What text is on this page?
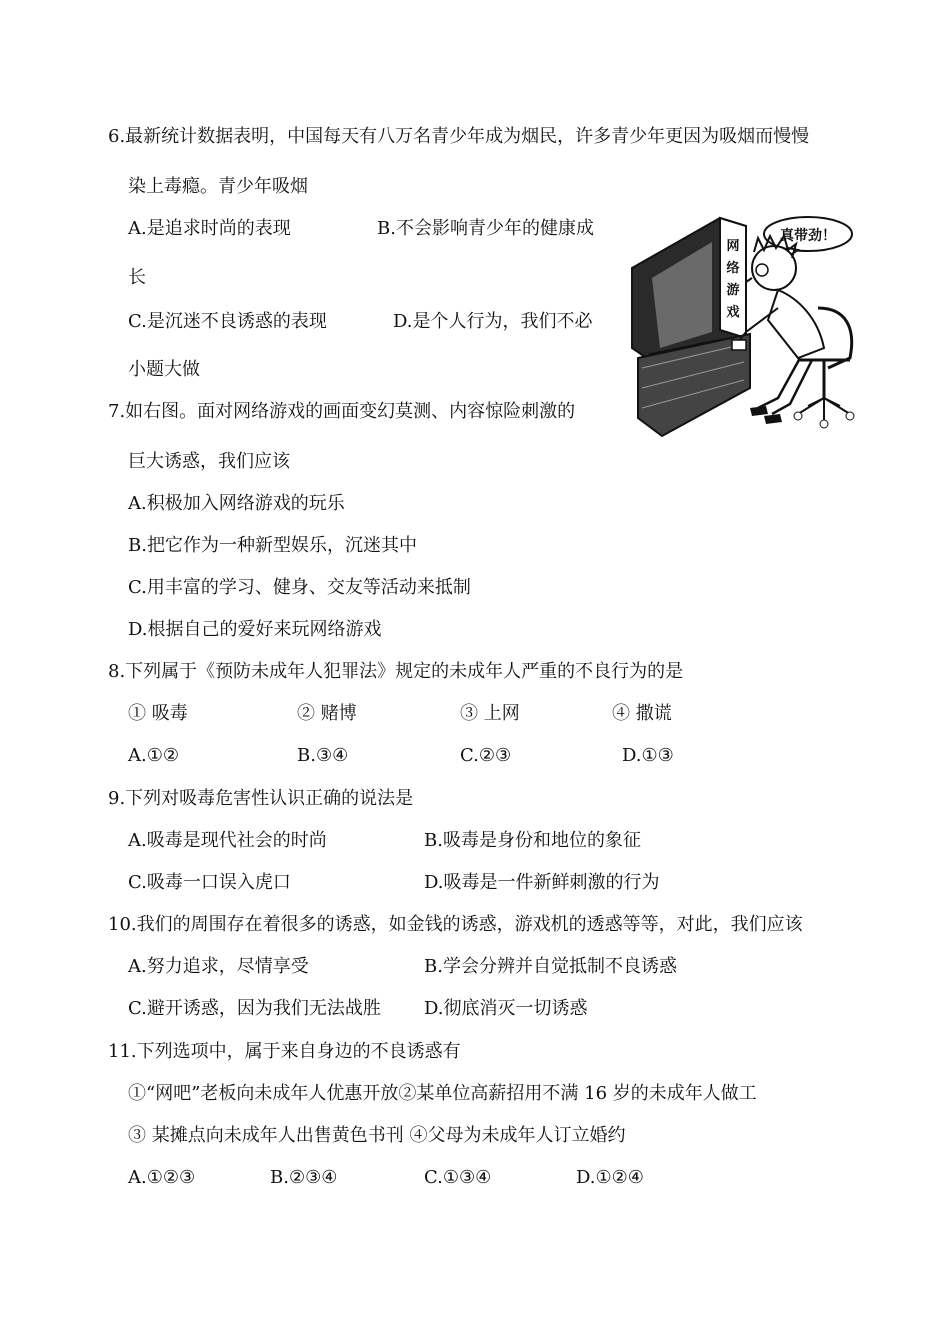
6.最新统计数据表明，中国每天有八万名青少年成为烟民，许多青少年更因为吸烟而慢慢
染上毒瘾。青少年吸烟
A.是追求时尚的表现	B.不会影响青少年的健康成
长
C.是沉迷不良诱惑的表现	D.是个人行为，我们不必
小题大做
7.如右图。面对网络游戏的画面变幻莫测、内容惊险刺激的
巨大诱惑，我们应该
A.积极加入网络游戏的玩乐
B.把它作为一种新型娱乐，沉迷其中
C.用丰富的学习、健身、交友等活动来抵制
D.根据自己的爱好来玩网络游戏
真带劲！
网
络
游
戏
8.下列属于《预防未成年人犯罪法》规定的未成年人严重的不良行为的是
① 吸毒	② 赌博	③ 上网	④ 撒谎
A.①②	B.③④	C.②③	D.①③
9.下列对吸毒危害性认识正确的说法是
A.吸毒是现代社会的时尚	B.吸毒是身份和地位的象征
C.吸毒一口误入虎口	D.吸毒是一件新鲜刺激的行为
10.我们的周围存在着很多的诱惑，如金钱的诱惑，游戏机的透惑等等，对此，我们应该
A.努力追求，尽情享受	B.学会分辨并自觉抵制不良诱惑
C.避开诱惑，因为我们无法战胜 D.彻底消灭一切诱惑
11.下列选项中，属于来自身边的不良诱惑有
①“网吧”老板向未成年人优惠开放②某单位高薪招用不满 16 岁的未成年人做工
③ 某摊点向未成年人出售黄色书刊 ④父母为未成年人订立婚约
A.①②③	B.②③④	C.①③④	D.①②④
